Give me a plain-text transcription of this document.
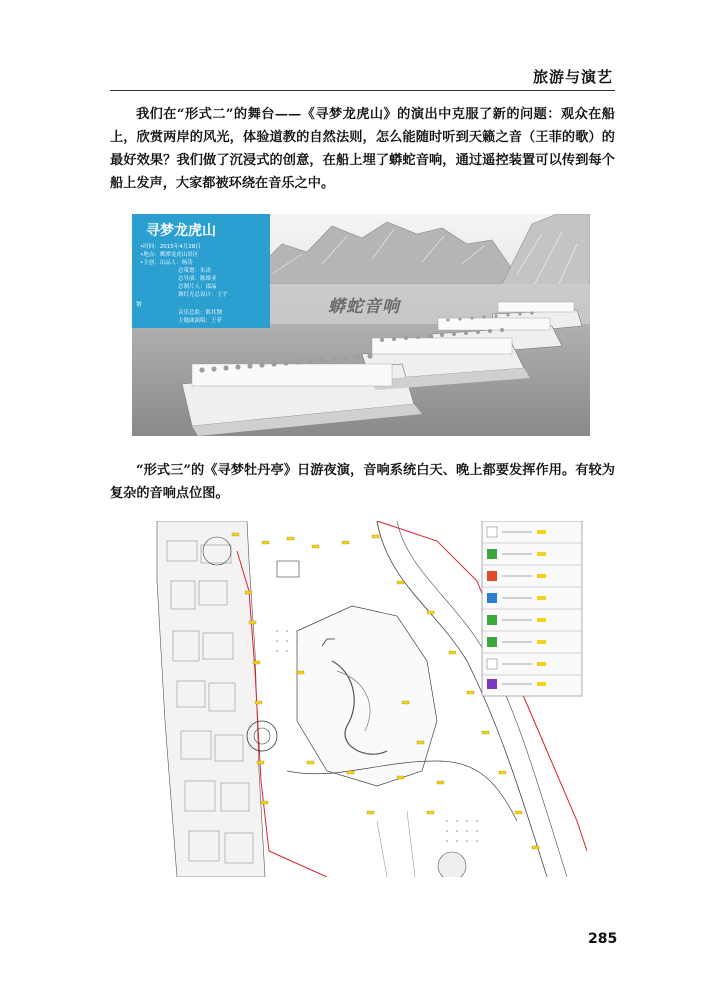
旅游与演艺
我们在“形式二”的舞台——《寻梦龙虎山》的演出中克服了新的问题：观众在船上，欣赏两岸的风光，体验道教的自然法则，怎么能随时听到天籁之音（王菲的歌）的最好效果？我们做了沉浸式的创意，在船上埋了蟒蛇音响，通过遥控装置可以传到每个船上发声，大家都被环绕在音乐之中。
寻梦龙虎山
•时间：2015年4月28日
•地点：鹰潭龙虎山景区
•主创：出品人：杨涛
总策划：朱涛
总导演：陈维亚
总制片人：邵晶
舞灯光总设计：王宇
钢
音乐总监：陈其钢
主题曲演唱：王菲
蟒蛇音响
“形式三”的《寻梦牡丹亭》日游夜演，音响系统白天、晚上都要发挥作用。有较为复杂的音响点位图。
285
